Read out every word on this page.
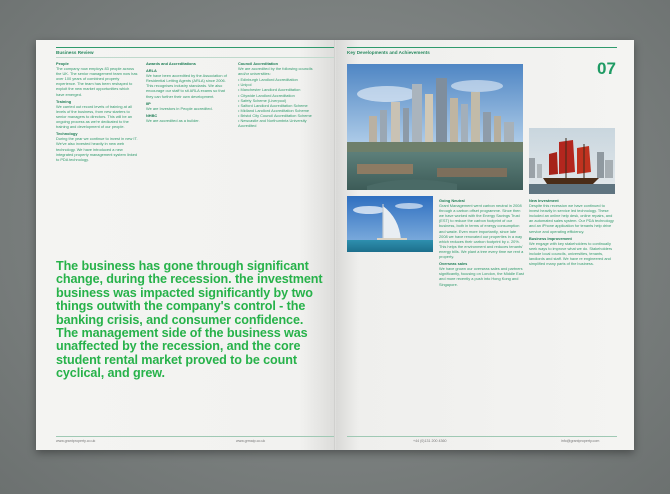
Business Review
People

The company now employs 83 people across the UK. The senior management team now has over 100 years of combined property experience. The team has been reshaped to exploit the new market opportunities which have emerged.

Training

We carried out record levels of training at all levels of the business, from new starters to senior managers to directors. This will be an ongoing process as we're dedicated to the training and development of our people.

Technology

During the year we continue to invest in new IT. We've also invested heavily in new web technology. We have introduced a new integrated property management system linked to PDA technology.

Awards and Accreditations
ARLA

We have been accredited by the Association of Residential Letting Agents (ARLA) since 2006. This recognises industry standards. We also encourage our staff to sit ARLA exams so that they can further their own development.

IIP

We are Investors in People accredited.

NHBC

We are accredited as a builder.

Council Accreditation

We are accredited by the following councils and/or universities:

• Edinburgh Landlord Accreditation
• Unipol
• Manchester Landlord Accreditation
• Citywide Landlord Accreditation
• Safety Scheme (Liverpool)
• Salford Landlord Accreditation Scheme
• Midland Landlord Accreditation Scheme
• Bristol City Council Accreditation Scheme
• Newcastle and Northumbria University Accredited
The business has gone through significant change, during the recession. the investment business was impacted significantly by two things outwith the company's control - the banking crisis, and consumer confidence. The management side of the business was unaffected by the recession, and the core student rental market proved to be count cyclical, and grew.
www.grantproperty.co.uk	www.grmaip.co.uk
Key Developments and Achievements
07
Going Neutral

Grant Management went carbon neutral in 2008 through a carbon offset programme. Since then we have worked with the Energy Savings Trust (EST) to reduce the carbon footprint of our business, both in terms of energy consumption and waste. Even more importantly, since late 2008 we have renovated our properties in a way which reduces their carbon footprint by c. 20%. This helps the environment and reduces tenants' energy bills. We plant a tree every time we rent a property.

Overseas sales

We have grown our overseas sales and partners significantly, focusing on London, the Middle East and more recently a push into Hong Kong and Singapore.

New Investment

Despite this recession we have continued to invest heavily in service led technology. These included an online help desk, online repairs, and an automated sales system. Our PDA technology and an iPhone application for tenants help drive service and operating efficiency.

Business Improvement

We engage with key stakeholders to continually seek ways to improve what we do. Stakeholders include local councils, universities, tenants, landlords and staff. We have re engineered and simplified many parts of the business.

+44 (0)131 200 4360	info@grantproperty.com
